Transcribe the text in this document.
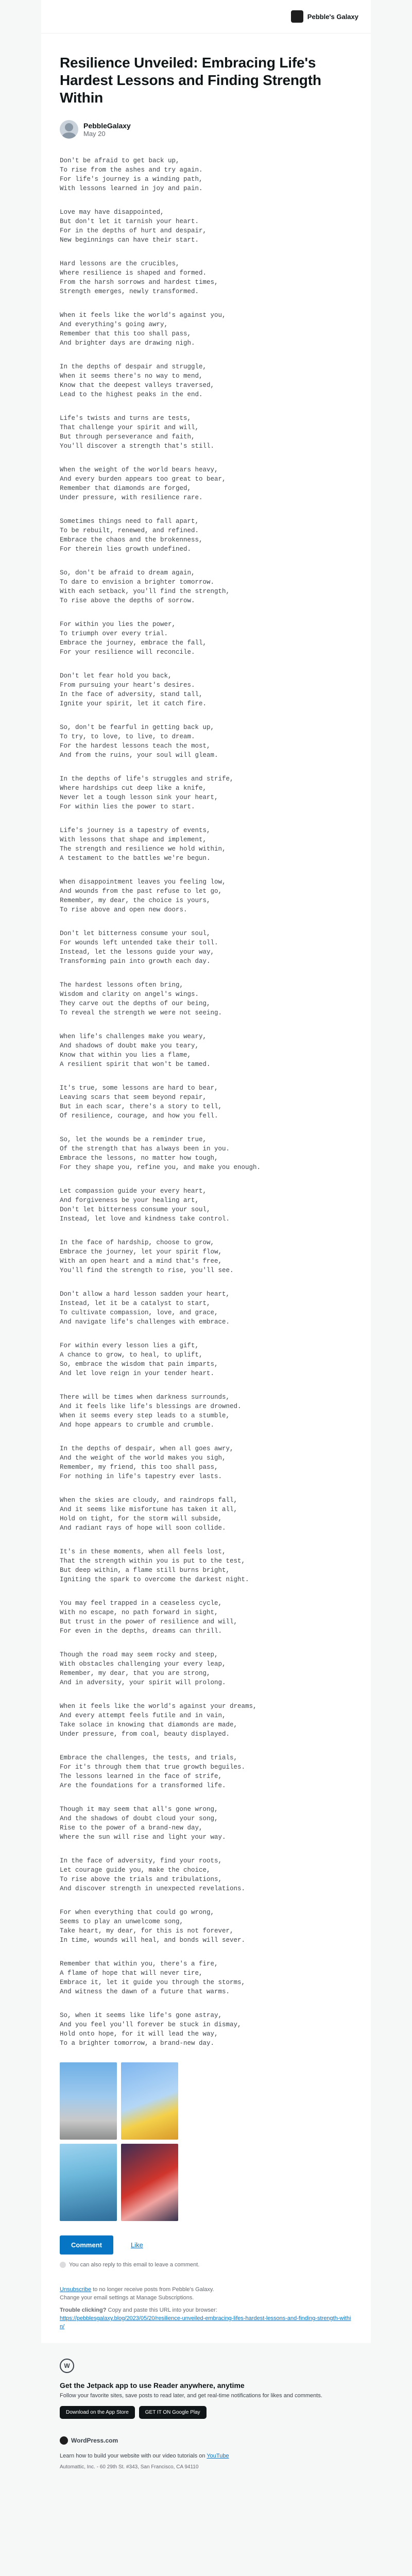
Pebble's Galaxy
Resilience Unveiled: Embracing Life's Hardest Lessons and Finding Strength Within
PebbleGalaxy
May 20
Don't be afraid to get back up,
To rise from the ashes and try again.
For life's journey is a winding path,
With lessons learned in joy and pain.
Love may have disappointed,
But don't let it tarnish your heart.
For in the depths of hurt and despair,
New beginnings can have their start.
Hard lessons are the crucibles,
Where resilience is shaped and formed.
From the harsh sorrows and hardest times,
Strength emerges, newly transformed.
When it feels like the world's against you,
And everything's going awry,
Remember that this too shall pass,
And brighter days are drawing nigh.
In the depths of despair and struggle,
When it seems there's no way to mend,
Know that the deepest valleys traversed,
Lead to the highest peaks in the end.
Life's twists and turns are tests,
That challenge your spirit and will,
But through perseverance and faith,
You'll discover a strength that's still.
When the weight of the world bears heavy,
And every burden appears too great to bear,
Remember that diamonds are forged,
Under pressure, with resilience rare.
Sometimes things need to fall apart,
To be rebuilt, renewed, and refined.
Embrace the chaos and the brokenness,
For therein lies growth undefined.
So, don't be afraid to dream again,
To dare to envision a brighter tomorrow.
With each setback, you'll find the strength,
To rise above the depths of sorrow.
For within you lies the power,
To triumph over every trial.
Embrace the journey, embrace the fall,
For your resilience will reconcile.
Don't let fear hold you back,
From pursuing your heart's desires.
In the face of adversity, stand tall,
Ignite your spirit, let it catch fire.
So, don't be fearful in getting back up,
To try, to love, to live, to dream.
For the hardest lessons teach the most,
And from the ruins, your soul will gleam.
In the depths of life's struggles and strife,
Where hardships cut deep like a knife,
Never let a tough lesson sink your heart,
For within lies the power to start.
Life's journey is a tapestry of events,
With lessons that shape and implement,
The strength and resilience we hold within,
A testament to the battles we're begun.
When disappointment leaves you feeling low,
And wounds from the past refuse to let go,
Remember, my dear, the choice is yours,
To rise above and open new doors.
Don't let bitterness consume your soul,
For wounds left untended take their toll.
Instead, let the lessons guide your way,
Transforming pain into growth each day.
The hardest lessons often bring,
Wisdom and clarity on angel's wings.
They carve out the depths of our being,
To reveal the strength we were not seeing.
When life's challenges make you weary,
And shadows of doubt make you teary,
Know that within you lies a flame,
A resilient spirit that won't be tamed.
It's true, some lessons are hard to bear,
Leaving scars that seem beyond repair,
But in each scar, there's a story to tell,
Of resilience, courage, and how you fell.
So, let the wounds be a reminder true,
Of the strength that has always been in you.
Embrace the lessons, no matter how tough,
For they shape you, refine you, and make you enough.
Let compassion guide your every heart,
And forgiveness be your healing art,
Don't let bitterness consume your soul,
Instead, let love and kindness take control.
In the face of hardship, choose to grow,
Embrace the journey, let your spirit flow,
With an open heart and a mind that's free,
You'll find the strength to rise, you'll see.
Don't allow a hard lesson sadden your heart,
Instead, let it be a catalyst to start,
To cultivate compassion, love, and grace,
And navigate life's challenges with embrace.
For within every lesson lies a gift,
A chance to grow, to heal, to uplift,
So, embrace the wisdom that pain imparts,
And let love reign in your tender heart.
There will be times when darkness surrounds,
And it feels like life's blessings are drowned.
When it seems every step leads to a stumble,
And hope appears to crumble and crumble.
In the depths of despair, when all goes awry,
And the weight of the world makes you sigh,
Remember, my friend, this too shall pass,
For nothing in life's tapestry ever lasts.
When the skies are cloudy, and raindrops fall,
And it seems like misfortune has taken it all,
Hold on tight, for the storm will subside,
And radiant rays of hope will soon collide.
It's in these moments, when all feels lost,
That the strength within you is put to the test,
But deep within, a flame still burns bright,
Igniting the spark to overcome the darkest night.
You may feel trapped in a ceaseless cycle,
With no escape, no path forward in sight,
But trust in the power of resilience and will,
For even in the depths, dreams can thrill.
Though the road may seem rocky and steep,
With obstacles challenging your every leap,
Remember, my dear, that you are strong,
And in adversity, your spirit will prolong.
When it feels like the world's against your dreams,
And every attempt feels futile and in vain,
Take solace in knowing that diamonds are made,
Under pressure, from coal, beauty displayed.
Embrace the challenges, the tests, and trials,
For it's through them that true growth beguiles.
The lessons learned in the face of strife,
Are the foundations for a transformed life.
Though it may seem that all's gone wrong,
And the shadows of doubt cloud your song,
Rise to the power of a brand-new day,
Where the sun will rise and light your way.
In the face of adversity, find your roots,
Let courage guide you, make the choice,
To rise above the trials and tribulations,
And discover strength in unexpected revelations.
For when everything that could go wrong,
Seems to play an unwelcome song,
Take heart, my dear, for this is not forever,
In time, wounds will heal, and bonds will sever.
Remember that within you, there's a fire,
A flame of hope that will never tire,
Embrace it, let it guide you through the storms,
And witness the dawn of a future that warms.
So, when it seems like life's gone astray,
And you feel you'll forever be stuck in dismay,
Hold onto hope, for it will lead the way,
To a brighter tomorrow, a brand-new day.
Comment	Like
You can also reply to this email to leave a comment.
Unsubscribe to no longer receive posts from Pebble's Galaxy.
Change your email settings at Manage Subscriptions.
Trouble clicking? Copy and paste this URL into your browser:
https://pebblesgalaxy.blog/2023/05/20/resilience-unveiled-embracing-lifes-hardest-lessons-and-finding-strength-within/
W
Get the Jetpack app to use Reader anywhere, anytime

Follow your favorite sites, save posts to read later, and get real-time notifications for likes and comments.

Download on the App Store	GET IT ON Google Play
WordPress.com
Learn how to build your website with our video tutorials on YouTube
Automattic, Inc. - 60 29th St. #343, San Francisco, CA 94110
